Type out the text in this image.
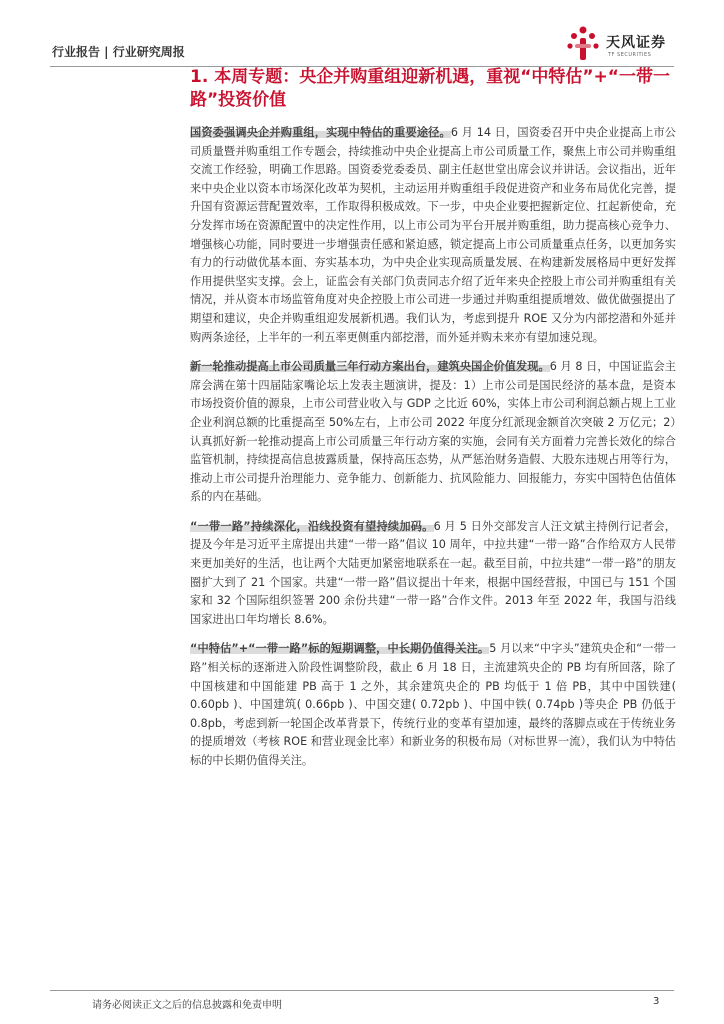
行业报告 | 行业研究周报
天风证券
TF SECURITIES
1. 本周专题：央企并购重组迎新机遇，重视“中特估”+“一带一路”投资价值

国资委强调央企并购重组，实现中特估的重要途径。6 月 14 日，国资委召开中央企业提高上市公司质量暨并购重组工作专题会，持续推动中央企业提高上市公司质量工作，聚焦上市公司并购重组交流工作经验，明确工作思路。国资委党委委员、副主任赵世堂出席会议并讲话。会议指出，近年来中央企业以资本市场深化改革为契机，主动运用并购重组手段促进资产和业务布局优化完善，提升国有资源运营配置效率，工作取得积极成效。下一步，中央企业要把握新定位、扛起新使命，充分发挥市场在资源配置中的决定性作用，以上市公司为平台开展并购重组，助力提高核心竞争力、增强核心功能，同时要进一步增强责任感和紧迫感，锁定提高上市公司质量重点任务，以更加务实有力的行动做优基本面、夯实基本功，为中央企业实现高质量发展、在构建新发展格局中更好发挥作用提供坚实支撑。会上，证监会有关部门负责同志介绍了近年来央企控股上市公司并购重组有关情况，并从资本市场监管角度对央企控股上市公司进一步通过并购重组提质增效、做优做强提出了期望和建议，央企并购重组迎发展新机遇。我们认为，考虑到提升 ROE 又分为内部挖潜和外延并购两条途径，上半年的一利五率更侧重内部挖潜，而外延并购未来亦有望加速兑现。

新一轮推动提高上市公司质量三年行动方案出台，建筑央国企价值发现。6 月 8 日，中国证监会主席会满在第十四届陆家嘴论坛上发表主题演讲，提及：1）上市公司是国民经济的基本盘，是资本市场投资价值的源泉，上市公司营业收入与 GDP 之比近 60%，实体上市公司利润总额占规上工业企业利润总额的比重提高至 50%左右，上市公司 2022 年度分红派现金额首次突破 2 万亿元；2）认真抓好新一轮推动提高上市公司质量三年行动方案的实施，会同有关方面着力完善长效化的综合监管机制，持续提高信息披露质量，保持高压态势，从严惩治财务造假、大股东违规占用等行为，推动上市公司提升治理能力、竞争能力、创新能力、抗风险能力、回报能力，夯实中国特色估值体系的内在基础。

“一带一路”持续深化，沿线投资有望持续加码。6 月 5 日外交部发言人汪文斌主持例行记者会，提及今年是习近平主席提出共建“一带一路”倡议 10 周年，中拉共建“一带一路”合作给双方人民带来更加美好的生活，也让两个大陆更加紧密地联系在一起。截至目前，中拉共建“一带一路”的朋友圈扩大到了 21 个国家。共建“一带一路”倡议提出十年来，根据中国经营报，中国已与 151 个国家和 32 个国际组织签署 200 余份共建“一带一路”合作文件。2013 年至 2022 年，我国与沿线国家进出口年均增长 8.6%。

“中特估”+“一带一路”标的短期调整，中长期仍值得关注。5 月以来“中字头”建筑央企和“一带一路”相关标的逐渐进入阶段性调整阶段，截止 6 月 18 日，主流建筑央企的 PB 均有所回落，除了中国核建和中国能建 PB 高于 1 之外，其余建筑央企的 PB 均低于 1 倍 PB，其中中国铁建( 0.60pb )、中国建筑( 0.66pb )、中国交建( 0.72pb )、中国中铁( 0.74pb )等央企 PB 仍低于 0.8pb，考虑到新一轮国企改革背景下，传统行业的变革有望加速，最终的落脚点或在于传统业务的提质增效（考核 ROE 和营业现金比率）和新业务的积极布局（对标世界一流），我们认为中特估标的中长期仍值得关注。

请务必阅读正文之后的信息披露和免责申明	3
